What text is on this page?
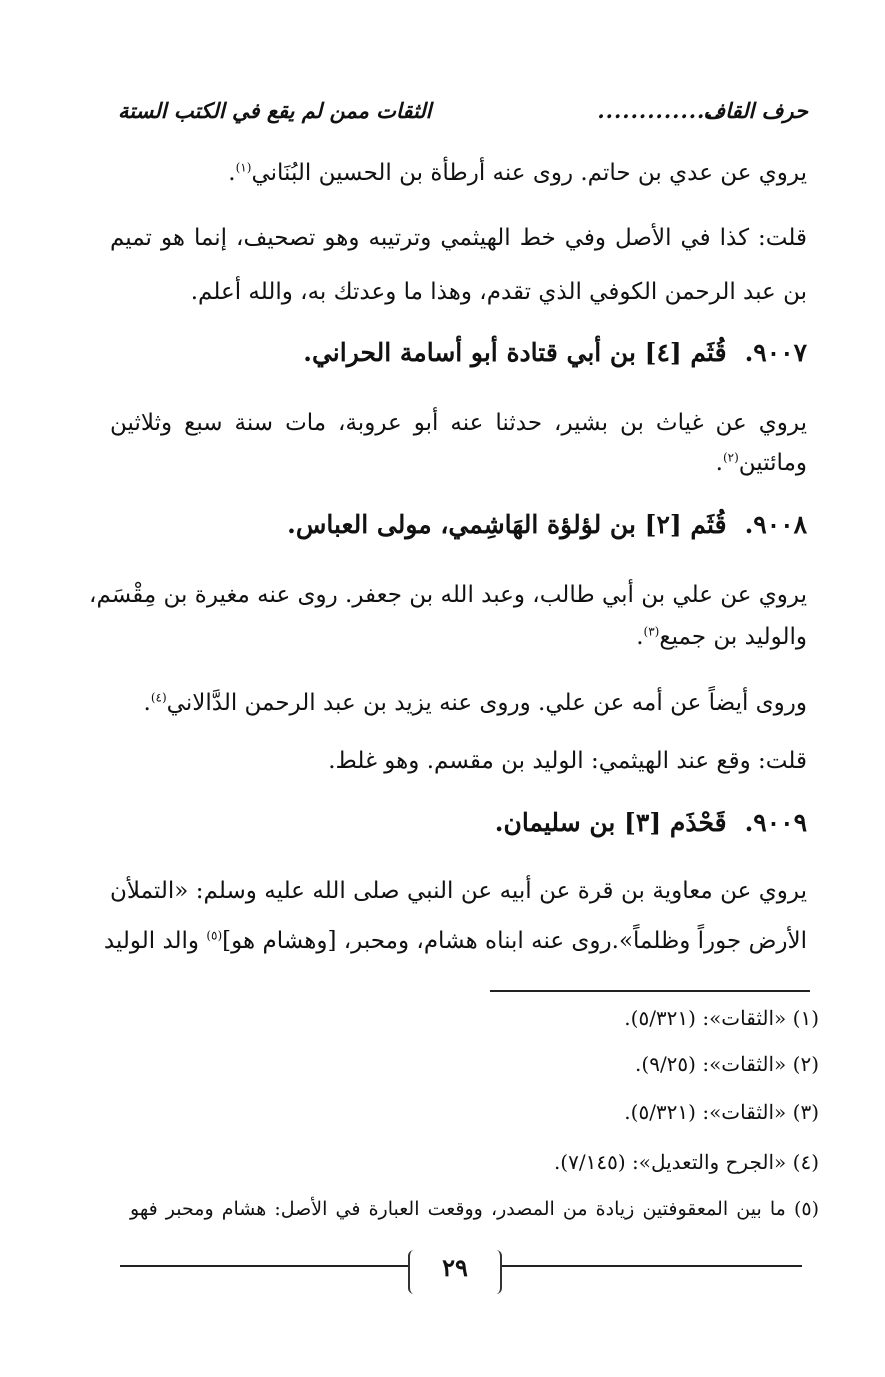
حرف القاف
...............
الثقات ممن لم يقع في الكتب الستة
يروي عن عدي بن حاتم. روى عنه أرطأة بن الحسين البُنَاني$^{(١)}$.
قلت: كذا في الأصل وفي خط الهيثمي وترتيبه وهو تصحيف، إنما هو تميم
بن عبد الرحمن الكوفي الذي تقدم، وهذا ما وعدتك به، والله أعلم.
٩٠٠٧.قُثَم [٤] بن أبي قتادة أبو أسامة الحراني.
يروي عن غياث بن بشير، حدثنا عنه أبو عروبة، مات سنة سبع وثلاثين
ومائتين$^{(٢)}$.
٩٠٠٨.قُثَم [٢] بن لؤلؤة الهَاشِمي، مولى العباس.
يروي عن علي بن أبي طالب، وعبد الله بن جعفر. روى عنه مغيرة بن مِقْسَم،
والوليد بن جميع$^{(٣)}$.
وروى أيضاً عن أمه عن علي. وروى عنه يزيد بن عبد الرحمن الدَّالاني$^{(٤)}$.
قلت: وقع عند الهيثمي: الوليد بن مقسم. وهو غلط.
٩٠٠٩.قَحْذَم [٣] بن سليمان.
يروي عن معاوية بن قرة عن أبيه عن النبي صلى الله عليه وسلم: «التملأن
الأرض جوراً وظلماً».روى عنه ابناه هشام، ومحبر، [وهشام هو]$^{(٥)}$ والد الوليد
(١) «الثقات»: (٥/٣٢١).
(٢) «الثقات»: (٩/٢٥).
(٣) «الثقات»: (٥/٣٢١).
(٤) «الجرح والتعديل»: (٧/١٤٥).
(٥) ما بين المعقوفتين زيادة من المصدر، ووقعت العبارة في الأصل: هشام ومحبر فهو
٢٩
